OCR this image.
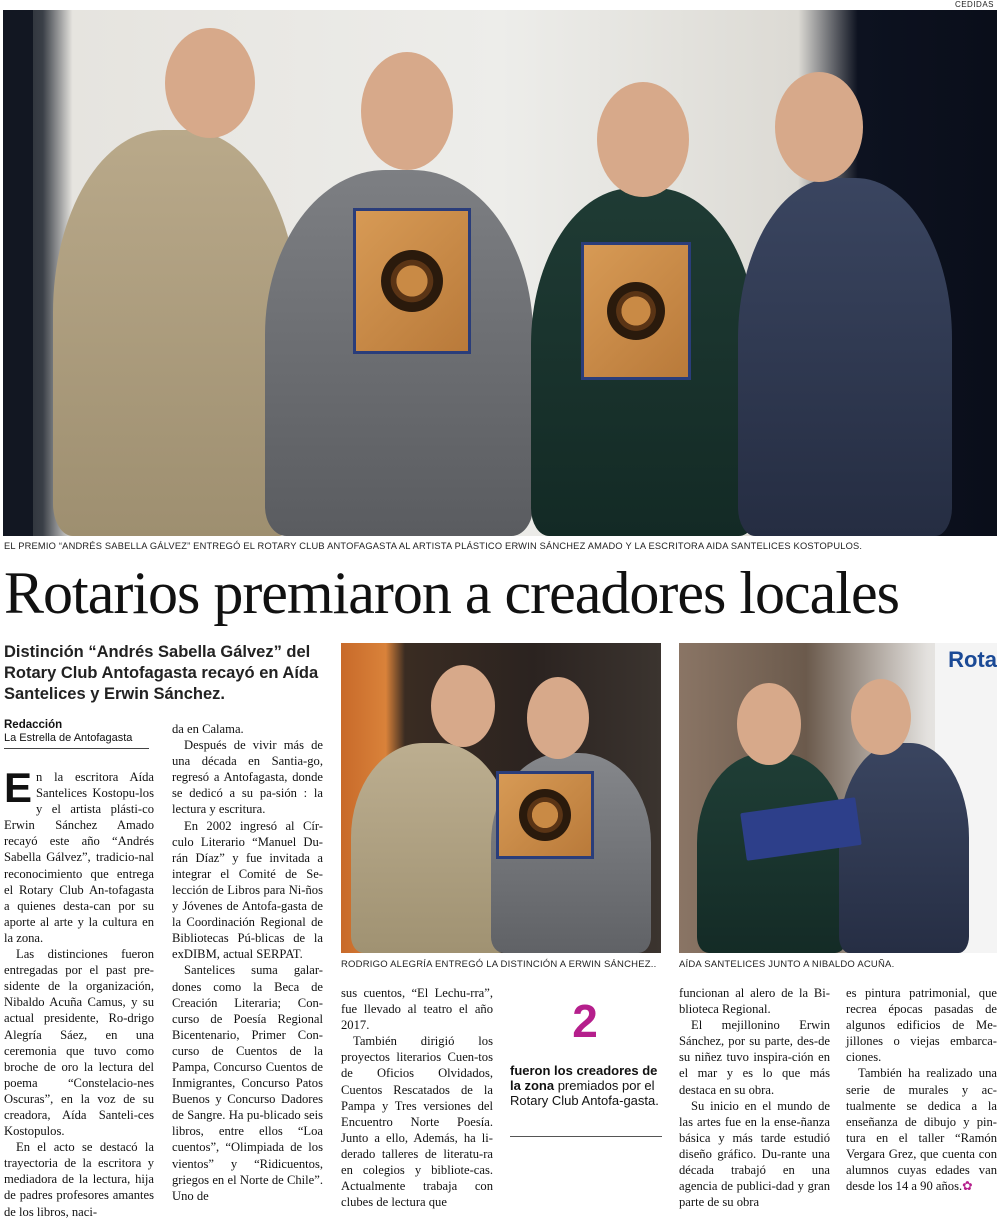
CEDIDAS
EL PREMIO “ANDRÉS SABELLA GÁLVEZ” ENTREGÓ EL ROTARY CLUB ANTOFAGASTA AL ARTISTA PLÁSTICO ERWIN SÁNCHEZ AMADO Y LA ESCRITORA AIDA SANTELICES KOSTOPULOS.
Rotarios premiaron a creadores locales
Distinción “Andrés Sabella Gálvez” del Rotary Club Antofagasta recayó en Aída Santelices y Erwin Sánchez.
Redacción
La Estrella de Antofagasta
RODRIGO ALEGRÍA ENTREGÓ LA DISTINCIÓN A ERWIN SÁNCHEZ..
Rota
AÍDA SANTELICES JUNTO A NIBALDO ACUÑA.

En la escritora Aída Santelices Kostopu-los y el artista plásti-co Erwin Sánchez Amado recayó este año “Andrés Sabella Gálvez”, tradicio-nal reconocimiento que entrega el Rotary Club An-tofagasta a quienes desta-can por su aporte al arte y la cultura en la zona.

Las distinciones fueron entregadas por el past pre-sidente de la organización, Nibaldo Acuña Camus, y su actual presidente, Ro-drigo Alegría Sáez, en una ceremonia que tuvo como broche de oro la lectura del poema “Constelacio-nes Oscuras”, en la voz de su creadora, Aída Santeli-ces Kostopulos.

En el acto se destacó la trayectoria de la escritora y mediadora de la lectura, hija de padres profesores amantes de los libros, naci-

da en Calama.

Después de vivir más de una década en Santia-go, regresó a Antofagasta, donde se dedicó a su pa-sión : la lectura y escritura.

En 2002 ingresó al Cír-culo Literario “Manuel Du-rán Díaz” y fue invitada a integrar el Comité de Se-lección de Libros para Ni-ños y Jóvenes de Antofa-gasta de la Coordinación Regional de Bibliotecas Pú-blicas de la exDIBM, actual SERPAT.

Santelices suma galar-dones como la Beca de Creación Literaria; Con-curso de Poesía Regional Bicentenario, Primer Con-curso de Cuentos de la Pampa, Concurso Cuentos de Inmigrantes, Concurso Patos Buenos y Concurso Dadores de Sangre. Ha pu-blicado seis libros, entre ellos “Loa cuentos”, “Olimpiada de los vientos” y “Ridicuentos, griegos en el Norte de Chile”. Uno de

sus cuentos, “El Lechu-rra”, fue llevado al teatro el año 2017.

También dirigió los proyectos literarios Cuen-tos de Oficios Olvidados, Cuentos Rescatados de la Pampa y Tres versiones del Encuentro Norte Poesía. Junto a ello, Además, ha li-derado talleres de literatu-ra en colegios y bibliote-cas. Actualmente trabaja con clubes de lectura que

2
fueron los creadores de la zona premiados por el Rotary Club Antofa-gasta.

funcionan al alero de la Bi-blioteca Regional.

El mejillonino Erwin Sánchez, por su parte, des-de su niñez tuvo inspira-ción en el mar y es lo que más destaca en su obra.

Su inicio en el mundo de las artes fue en la ense-ñanza básica y más tarde estudió diseño gráfico. Du-rante una década trabajó en una agencia de publici-dad y gran parte de su obra

es pintura patrimonial, que recrea épocas pasadas de algunos edificios de Me-jillones o viejas embarca-ciones.

También ha realizado una serie de murales y ac-tualmente se dedica a la enseñanza de dibujo y pin-tura en el taller “Ramón Vergara Grez, que cuenta con alumnos cuyas edades van desde los 14 a 90 años.✿
